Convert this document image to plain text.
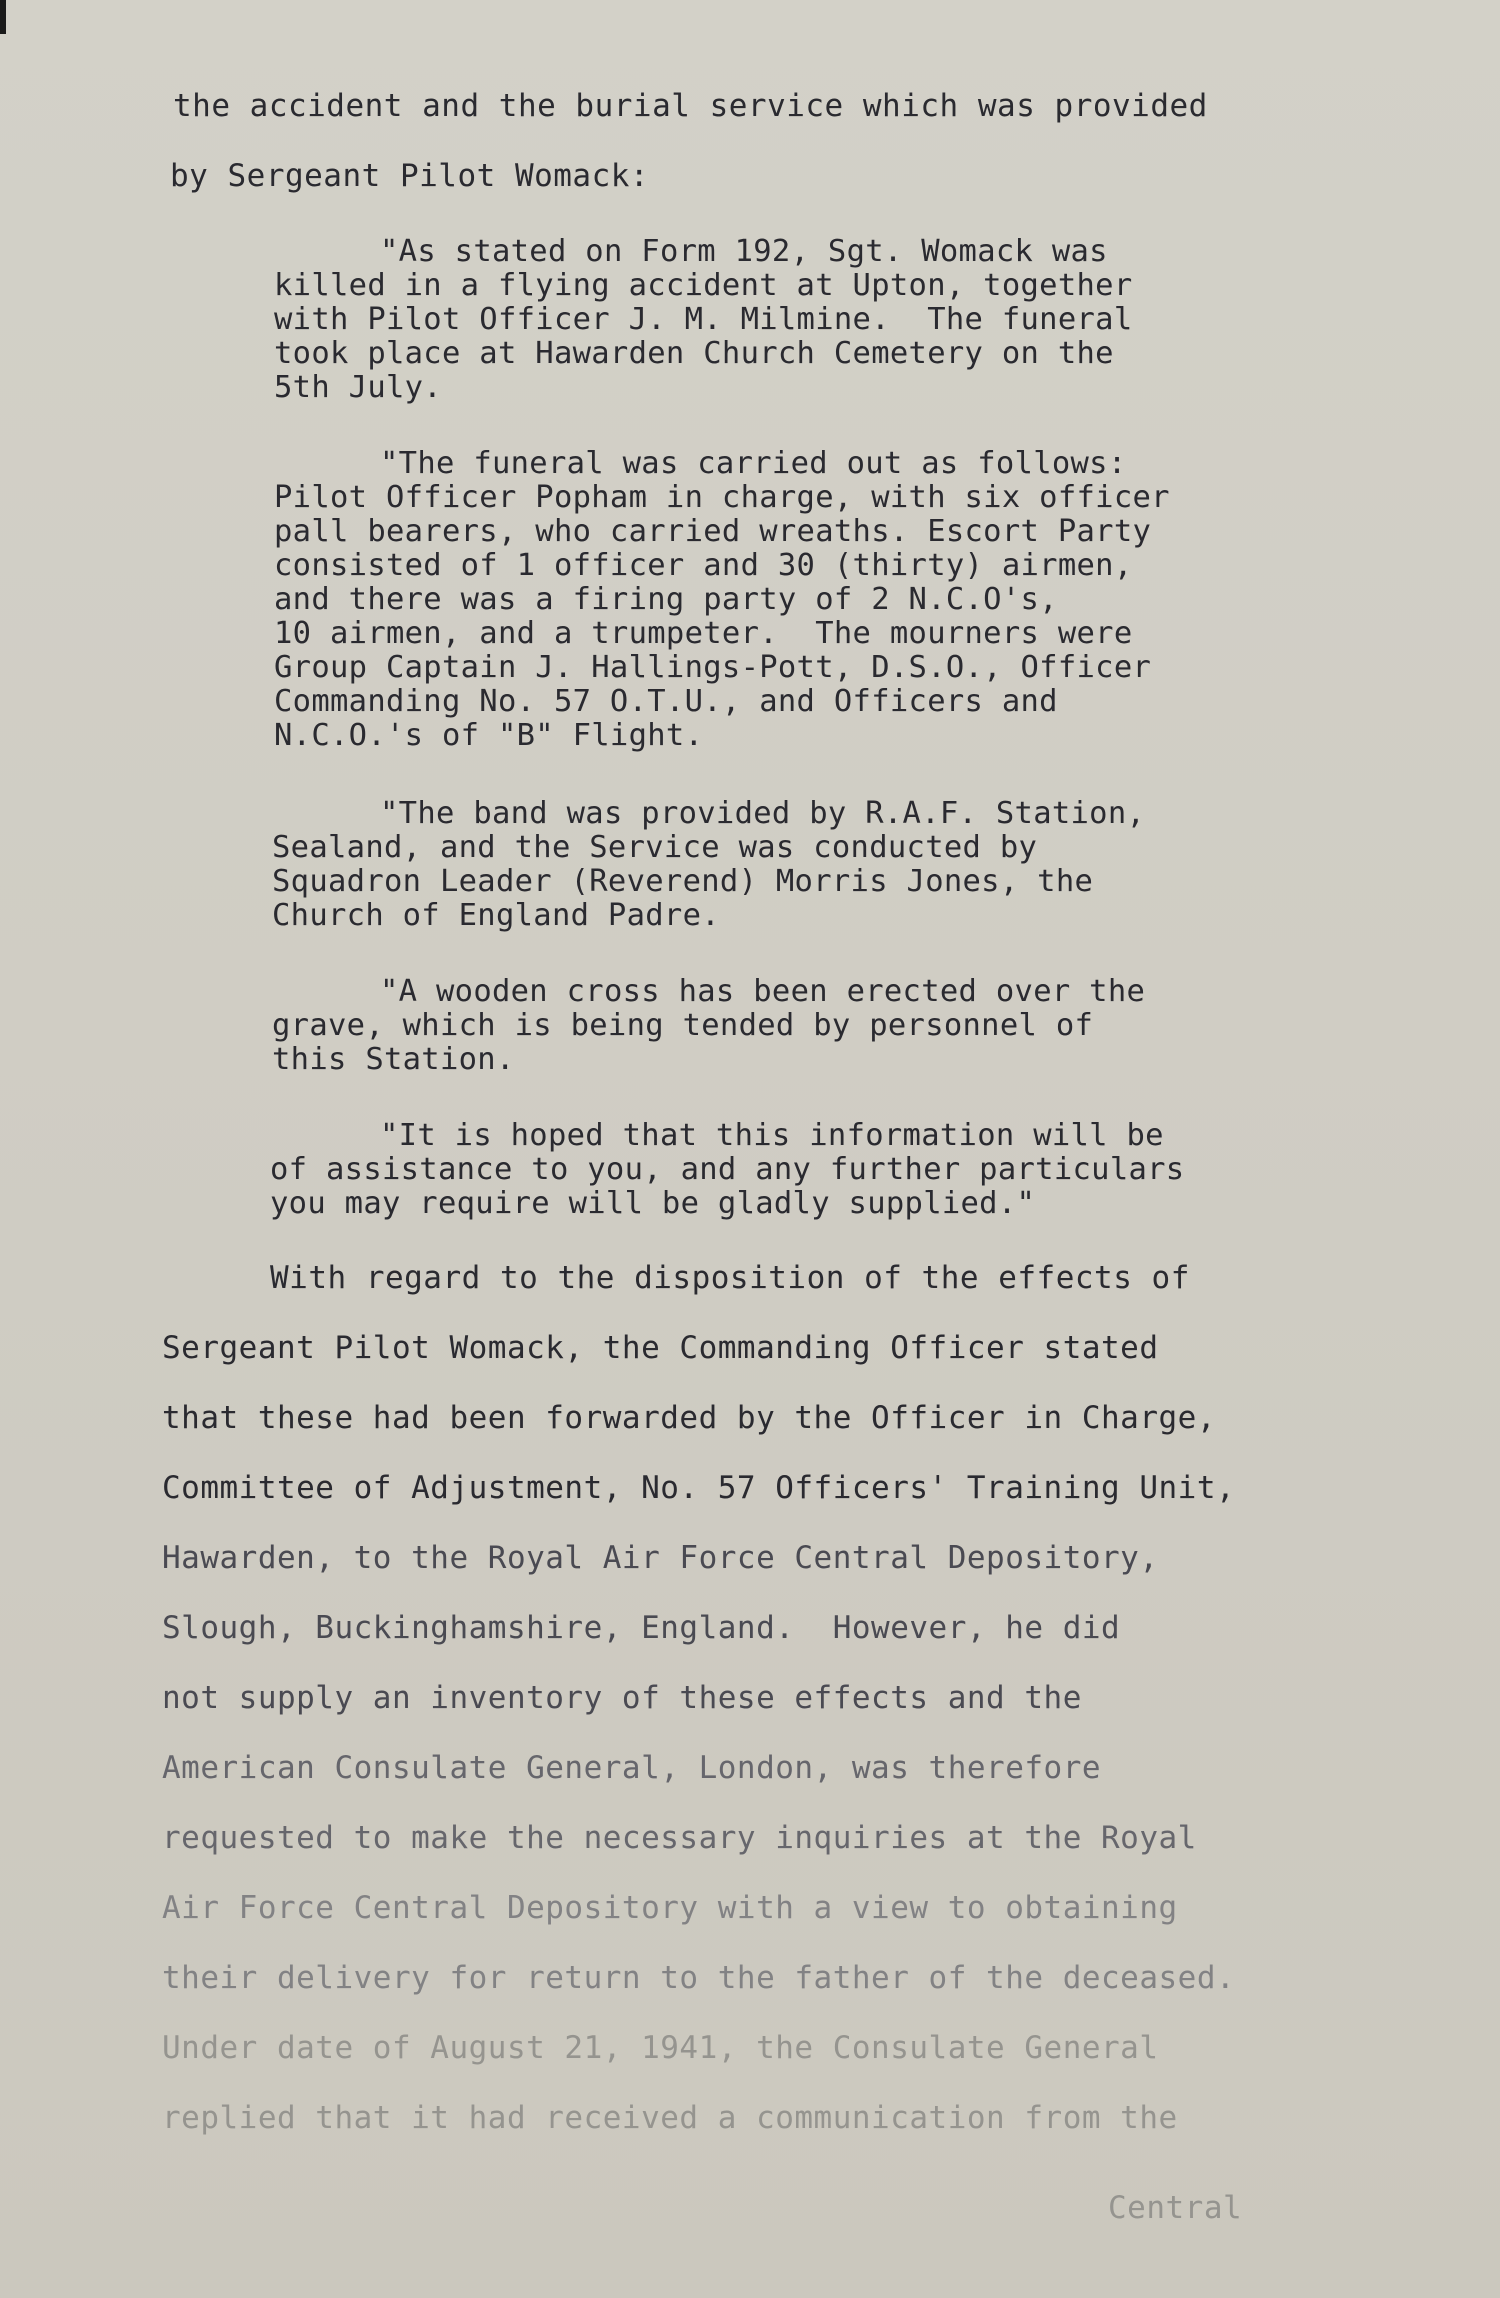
the accident and the burial service which was provided
by Sergeant Pilot Womack:
"As stated on Form 192, Sgt. Womack was
killed in a flying accident at Upton, together
with Pilot Officer J. M. Milmine.  The funeral
took place at Hawarden Church Cemetery on the
5th July.
"The funeral was carried out as follows:
Pilot Officer Popham in charge, with six officer
pall bearers, who carried wreaths. Escort Party
consisted of 1 officer and 30 (thirty) airmen,
and there was a firing party of 2 N.C.O's,
10 airmen, and a trumpeter.  The mourners were
Group Captain J. Hallings-Pott, D.S.O., Officer
Commanding No. 57 O.T.U., and Officers and
N.C.O.'s of "B" Flight.
"The band was provided by R.A.F. Station,
Sealand, and the Service was conducted by
Squadron Leader (Reverend) Morris Jones, the
Church of England Padre.
"A wooden cross has been erected over the
grave, which is being tended by personnel of
this Station.
"It is hoped that this information will be
of assistance to you, and any further particulars
you may require will be gladly supplied."
With regard to the disposition of the effects of
Sergeant Pilot Womack, the Commanding Officer stated
that these had been forwarded by the Officer in Charge,
Committee of Adjustment, No. 57 Officers' Training Unit,
Hawarden, to the Royal Air Force Central Depository,
Slough, Buckinghamshire, England.  However, he did
not supply an inventory of these effects and the
American Consulate General, London, was therefore
requested to make the necessary inquiries at the Royal
Air Force Central Depository with a view to obtaining
their delivery for return to the father of the deceased.
Under date of August 21, 1941, the Consulate General
replied that it had received a communication from the
Central
